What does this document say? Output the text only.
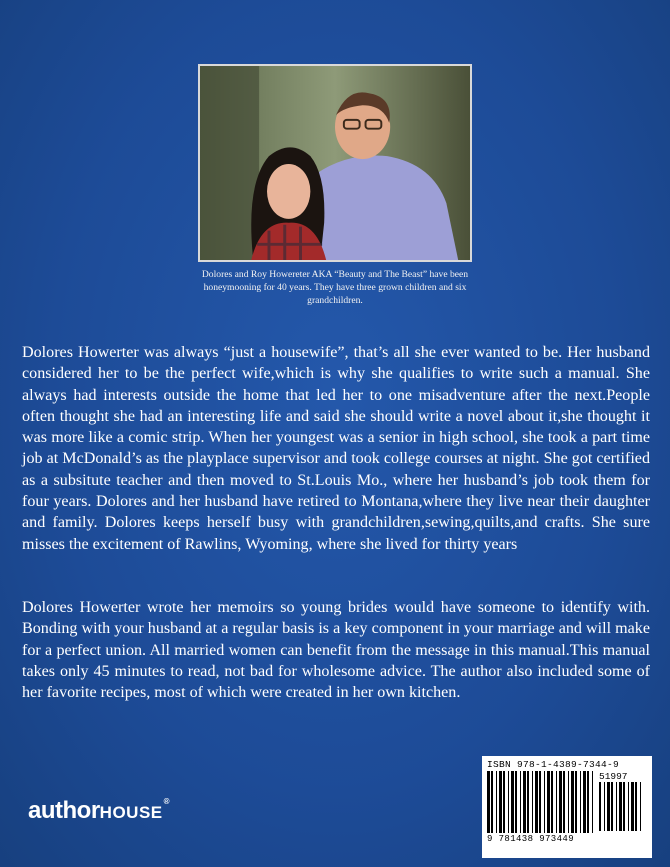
Dolores and Roy Howereter AKA “Beauty and The Beast” have been honeymooning for 40 years. They have three grown children and six grandchildren.
Dolores Howerter was always “just a housewife”, that’s all she ever wanted to be. Her husband considered her to be the perfect wife,which is why she qualifies to write such a manual. She always had interests outside the home that led her to one misadventure after the next.People often thought she had an interesting life and said she should write a novel about it,she thought it was more like a comic strip. When her youngest was a senior in high school, she took a part time job at McDonald’s as the playplace supervisor and took college courses at night. She got certified as a subsitute teacher and then moved to St.Louis Mo., where her husband’s job took them for four years. Dolores and her husband have retired to Montana,where they live near their daughter and family. Dolores keeps herself busy with grandchildren,sewing,quilts,and crafts. She sure misses the excitement of Rawlins, Wyoming, where she lived for thirty years
Dolores Howerter wrote her memoirs so young brides would have someone to identify with. Bonding with your husband at a regular basis is a key component in your marriage and will make for a perfect union. All married women can benefit from the message in this manual.This manual takes only 45 minutes to read, not bad for wholesome advice. The author also included some of her favorite recipes, most of which were created in her own kitchen.
authorHOUSE®
ISBN 978-1-4389-7344-9
51997
9 781438 973449
